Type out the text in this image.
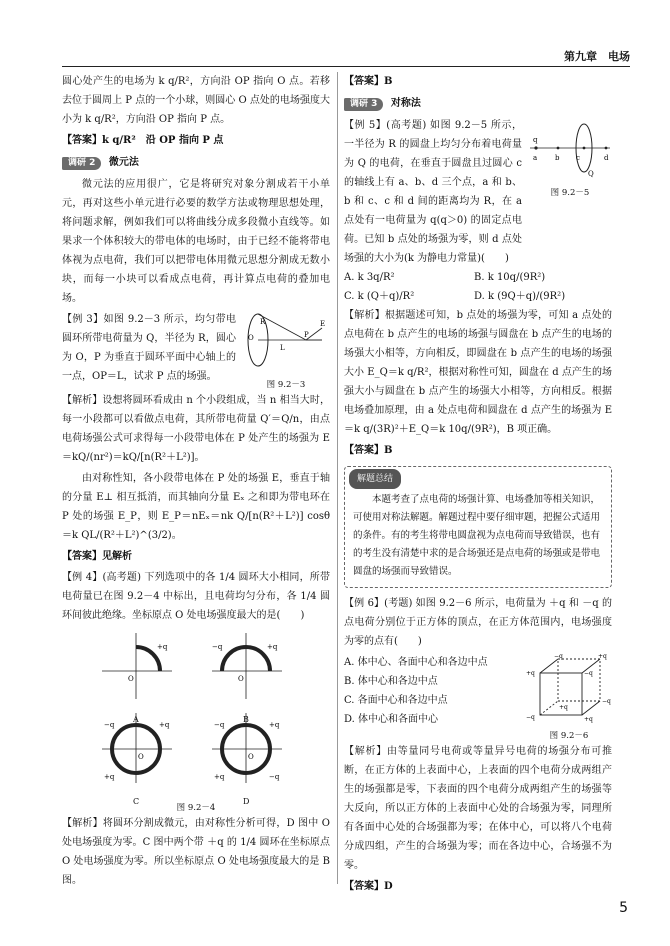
第九章　电场

圆心处产生的电场为 k q/R²，方向沿 OP 指向 O 点。若移去位于圆周上 P 点的一个小球，则圆心 O 点处的电场强度大小为 k q/R²，方向沿 OP 指向 P 点。

【答案】k q/R²　沿 OP 指向 P 点

调研 2 微元法

微元法的应用很广，它是将研究对象分割成若干小单元，再对这些小单元进行必要的数学方法或物理思想处理，将问题求解，例如我们可以将曲线分成多段微小直线等。如果求一个体积较大的带电体的电场时，由于已经不能将带电体视为点电荷，我们可以把带电体用微元思想分割成无数小块，而每一小块可以看成点电荷，再计算点电荷的叠加电场。

【例 3】如图 9.2－3 所示，均匀带电圆环所带电荷量为 Q，半径为 R，圆心为 O，P 为垂直于圆环平面中心轴上的一点，OP＝L，试求 P 点的场强。

O
R
P
L
E
图 9.2－3

【解析】设想将圆环看成由 n 个小段组成，当 n 相当大时，每一小段都可以看做点电荷，其所带电荷量 Q′＝Q/n，由点电荷场强公式可求得每一小段带电体在 P 处产生的场强为 E＝kQ/(nr²)＝kQ/[n(R²＋L²)]。

由对称性知，各小段带电体在 P 处的场强 E，垂直于轴的分量 E⊥ 相互抵消，而其轴向分量 Eₓ 之和即为带电环在 P 处的场强 E_P，则 E_P＝nEₓ＝nk Q/[n(R²＋L²)] cosθ＝k QL/(R²＋L²)^(3/2)。

【答案】见解析

【例 4】(高考题) 下列选项中的各 1/4 圆环大小相同，所带电荷量已在图 9.2－4 中标出，且电荷均匀分布，各 1/4 圆环间彼此绝缘。坐标原点 O 处电场强度最大的是(　　)

+q
O
−q	+q
O
−q	+q
+q
O
−q	+q
+q	−q
O
A	B
C	D
图 9.2－4

【解析】将圆环分割成微元，由对称性分析可得，D 图中 O 处电场强度为零。C 图中两个带 ＋q 的 1/4 圆环在坐标原点 O 处电场强度为零。所以坐标原点 O 处电场强度最大的是 B 图。

【答案】B

调研 3 对称法

【例 5】(高考题) 如图 9.2－5 所示，一半径为 R 的圆盘上均匀分布着电荷量为 Q 的电荷，在垂直于圆盘且过圆心 c 的轴线上有 a、b、d 三个点，a 和 b、b 和 c、c 和 d 间的距离均为 R，在 a 点处有一电荷量为 q(q＞0) 的固定点电荷。已知 b 点处的场强为零，则 d 点处场强的大小为(k 为静电力常量)(　　)

q
a	b c	d
Q
图 9.2－5
A. k 3q/R²	B. k 10q/(9R²)
C. k (Q＋q)/R²	D. k (9Q＋q)/(9R²)

【解析】根据题述可知，b 点处的场强为零，可知 a 点处的点电荷在 b 点产生的电场的场强与圆盘在 b 点产生的电场的场强大小相等，方向相反，即圆盘在 b 点产生的电场的场强大小 E_Q＝k q/R²，根据对称性可知，圆盘在 d 点产生的场强大小与圆盘在 b 点产生的场强大小相等，方向相反。根据电场叠加原理，由 a 处点电荷和圆盘在 d 点产生的场强为 E＝k q/(3R)²＋E_Q＝k 10q/(9R²)，B 项正确。

【答案】B

解题总结
本题考查了点电荷的场强计算、电场叠加等相关知识，可使用对称法解题。解题过程中要仔细审题，把握公式适用的条件。有的考生将带电圆盘视为点电荷而导致错误，也有的考生没有清楚中求的是合场强还是点电荷的场强或是带电圆盘的场强而导致错误。

【例 6】(考题) 如图 9.2－6 所示，电荷量为 ＋q 和 －q 的点电荷分别位于正方体的顶点，在正方体范围内，电场强度为零的点有(　　)

A. 体中心、各面中心和各边中点
B. 体中心和各边中点
C. 各面中心和各边中点
D. 体中心和各面中心
−q	+q
+q	−q
−q	+q
−q
+q
图 9.2－6

【解析】由等量同号电荷或等量异号电荷的场强分布可推断，在正方体的上表面中心，上表面的四个电荷分成两组产生的场强都是零，下表面的四个电荷分成两组产生的场强等大反向，所以正方体的上表面中心处的合场强为零，同理所有各面中心处的合场强都为零；在体中心，可以将八个电荷分成四组，产生的合场强为零；而在各边中心，合场强不为零。

【答案】D

5
